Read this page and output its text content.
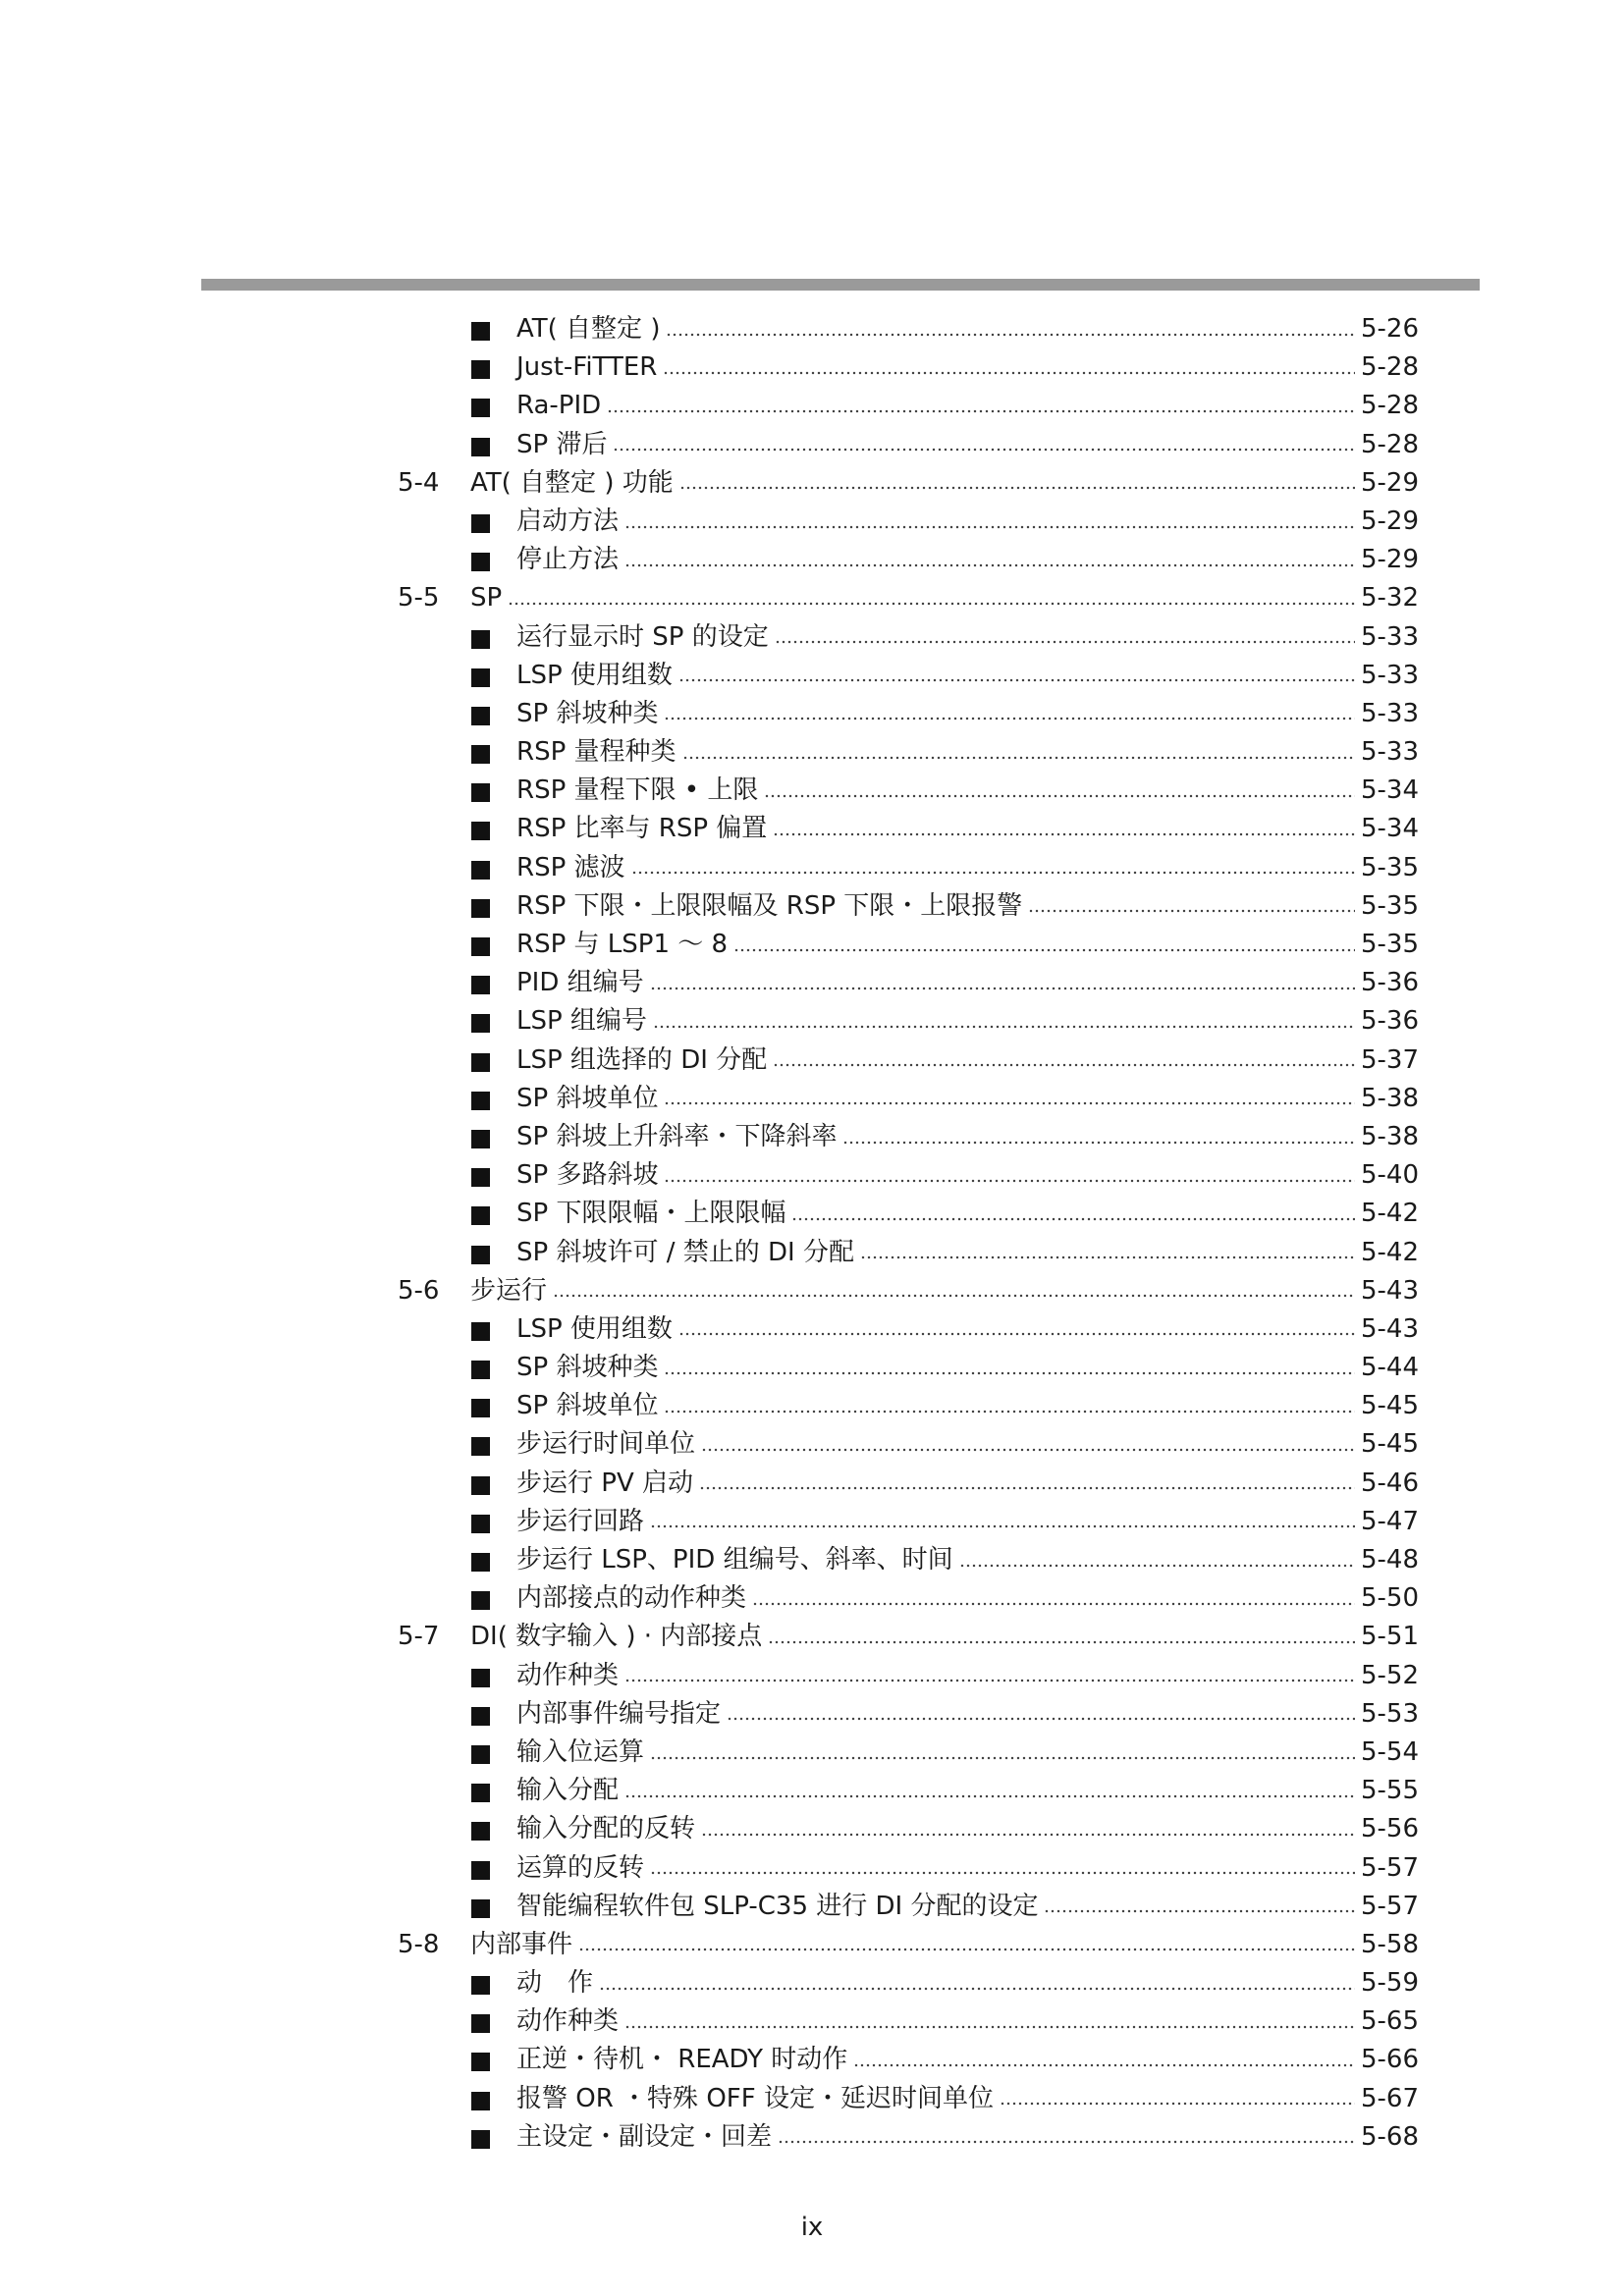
AT( 自整定 )	5-26
Just-FiTTER	5-28
Ra-PID	5-28
SP 滞后	5-28
5-4	AT( 自整定 ) 功能	5-29
启动方法	5-29
停止方法	5-29
5-5	SP	5-32
运行显示时 SP 的设定	5-33
LSP 使用组数	5-33
SP 斜坡种类	5-33
RSP 量程种类	5-33
RSP 量程下限 • 上限	5-34
RSP 比率与 RSP 偏置	5-34
RSP 滤波	5-35
RSP 下限・上限限幅及 RSP 下限・上限报警	5-35
RSP 与 LSP1 ～ 8	5-35
PID 组编号	5-36
LSP 组编号	5-36
LSP 组选择的 DI 分配	5-37
SP 斜坡单位	5-38
SP 斜坡上升斜率・下降斜率	5-38
SP 多路斜坡	5-40
SP 下限限幅・上限限幅	5-42
SP 斜坡许可 / 禁止的 DI 分配	5-42
5-6	步运行	5-43
LSP 使用组数	5-43
SP 斜坡种类	5-44
SP 斜坡单位	5-45
步运行时间单位	5-45
步运行 PV 启动	5-46
步运行回路	5-47
步运行 LSP、PID 组编号、斜率、时间	5-48
内部接点的动作种类	5-50
5-7	DI( 数字输入 ) · 内部接点	5-51
动作种类	5-52
内部事件编号指定	5-53
输入位运算	5-54
输入分配	5-55
输入分配的反转	5-56
运算的反转	5-57
智能编程软件包 SLP-C35 进行 DI 分配的设定	5-57
5-8	内部事件	5-58
动　作	5-59
动作种类	5-65
正逆・待机・ READY 时动作	5-66
报警 OR ・特殊 OFF 设定・延迟时间单位	5-67
主设定・副设定・回差	5-68
ix
